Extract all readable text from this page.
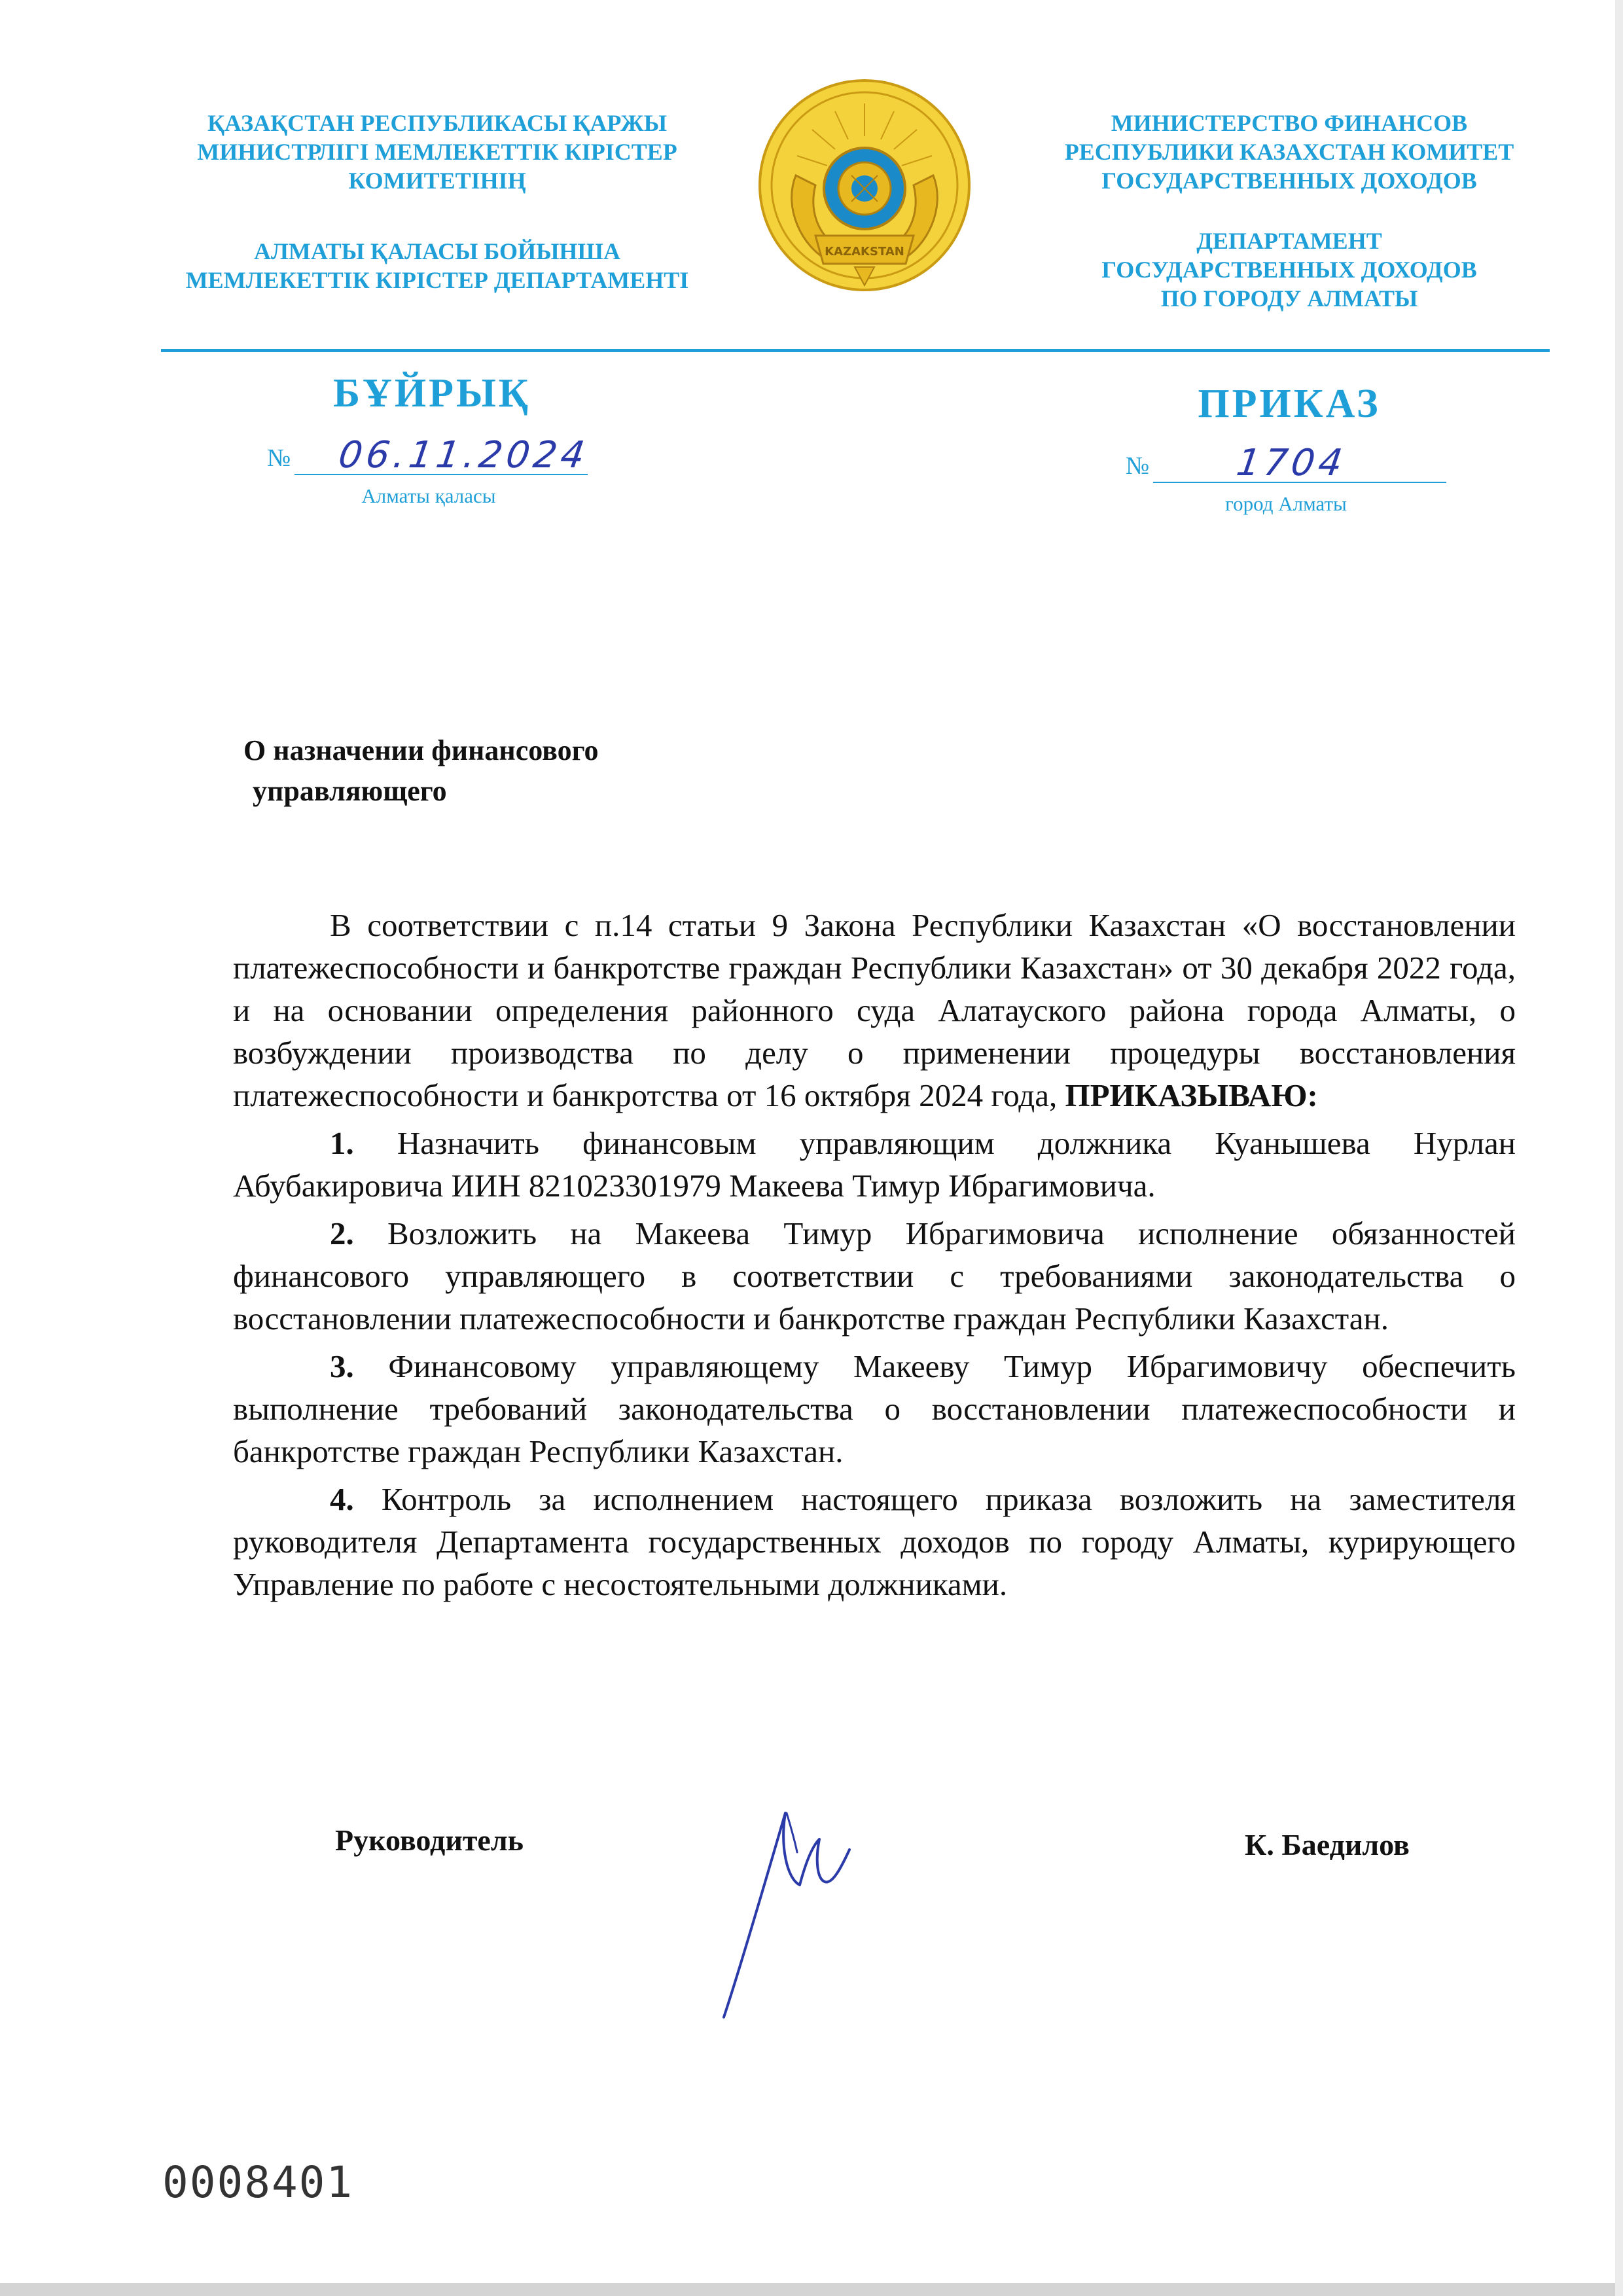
ҚАЗАҚСТАН РЕСПУБЛИКАСЫ ҚАРЖЫ
МИНИСТРЛІГІ МЕМЛЕКЕТТІК КІРІСТЕР
КОМИТЕТІНІҢ
АЛМАТЫ ҚАЛАСЫ БОЙЫНША
МЕМЛЕКЕТТІК КІРІСТЕР ДЕПАРТАМЕНТІ
KAZAKSTAN
МИНИСТЕРСТВО ФИНАНСОВ
РЕСПУБЛИКИ КАЗАХСТАН КОМИТЕТ
ГОСУДАРСТВЕННЫХ ДОХОДОВ
ДЕПАРТАМЕНТ
ГОСУДАРСТВЕННЫХ ДОХОДОВ
ПО ГОРОДУ АЛМАТЫ
БҰЙРЫҚ	ПРИКАЗ
№ 06.11.2024	№ 1704
Алматы қаласы	город Алматы
О назначении финансового
управляющего

В соответствии с п.14 статьи 9 Закона Республики Казахстан «О восстановлении платежеспособности и банкротстве граждан Республики Казахстан» от 30 декабря 2022 года, и на основании определения районного суда Алатауского района города Алматы, о возбуждении производства по делу о применении процедуры восстановления платежеспособности и банкротства от 16 октября 2024 года, ПРИКАЗЫВАЮ:

1. Назначить финансовым управляющим должника Куанышева Нурлан Абубакировича ИИН 821023301979 Макеева Тимур Ибрагимовича.

2. Возложить на Макеева Тимур Ибрагимовича исполнение обязанностей финансового управляющего в соответствии с требованиями законодательства о восстановлении платежеспособности и банкротстве граждан Республики Казахстан.

3. Финансовому управляющему Макееву Тимур Ибрагимовичу обеспечить выполнение требований законодательства о восстановлении платежеспособности и банкротстве граждан Республики Казахстан.

4. Контроль за исполнением настоящего приказа возложить на заместителя руководителя Департамента государственных доходов по городу Алматы, курирующего Управление по работе с несостоятельными должниками.

Руководитель	К. Баедилов
0008401
